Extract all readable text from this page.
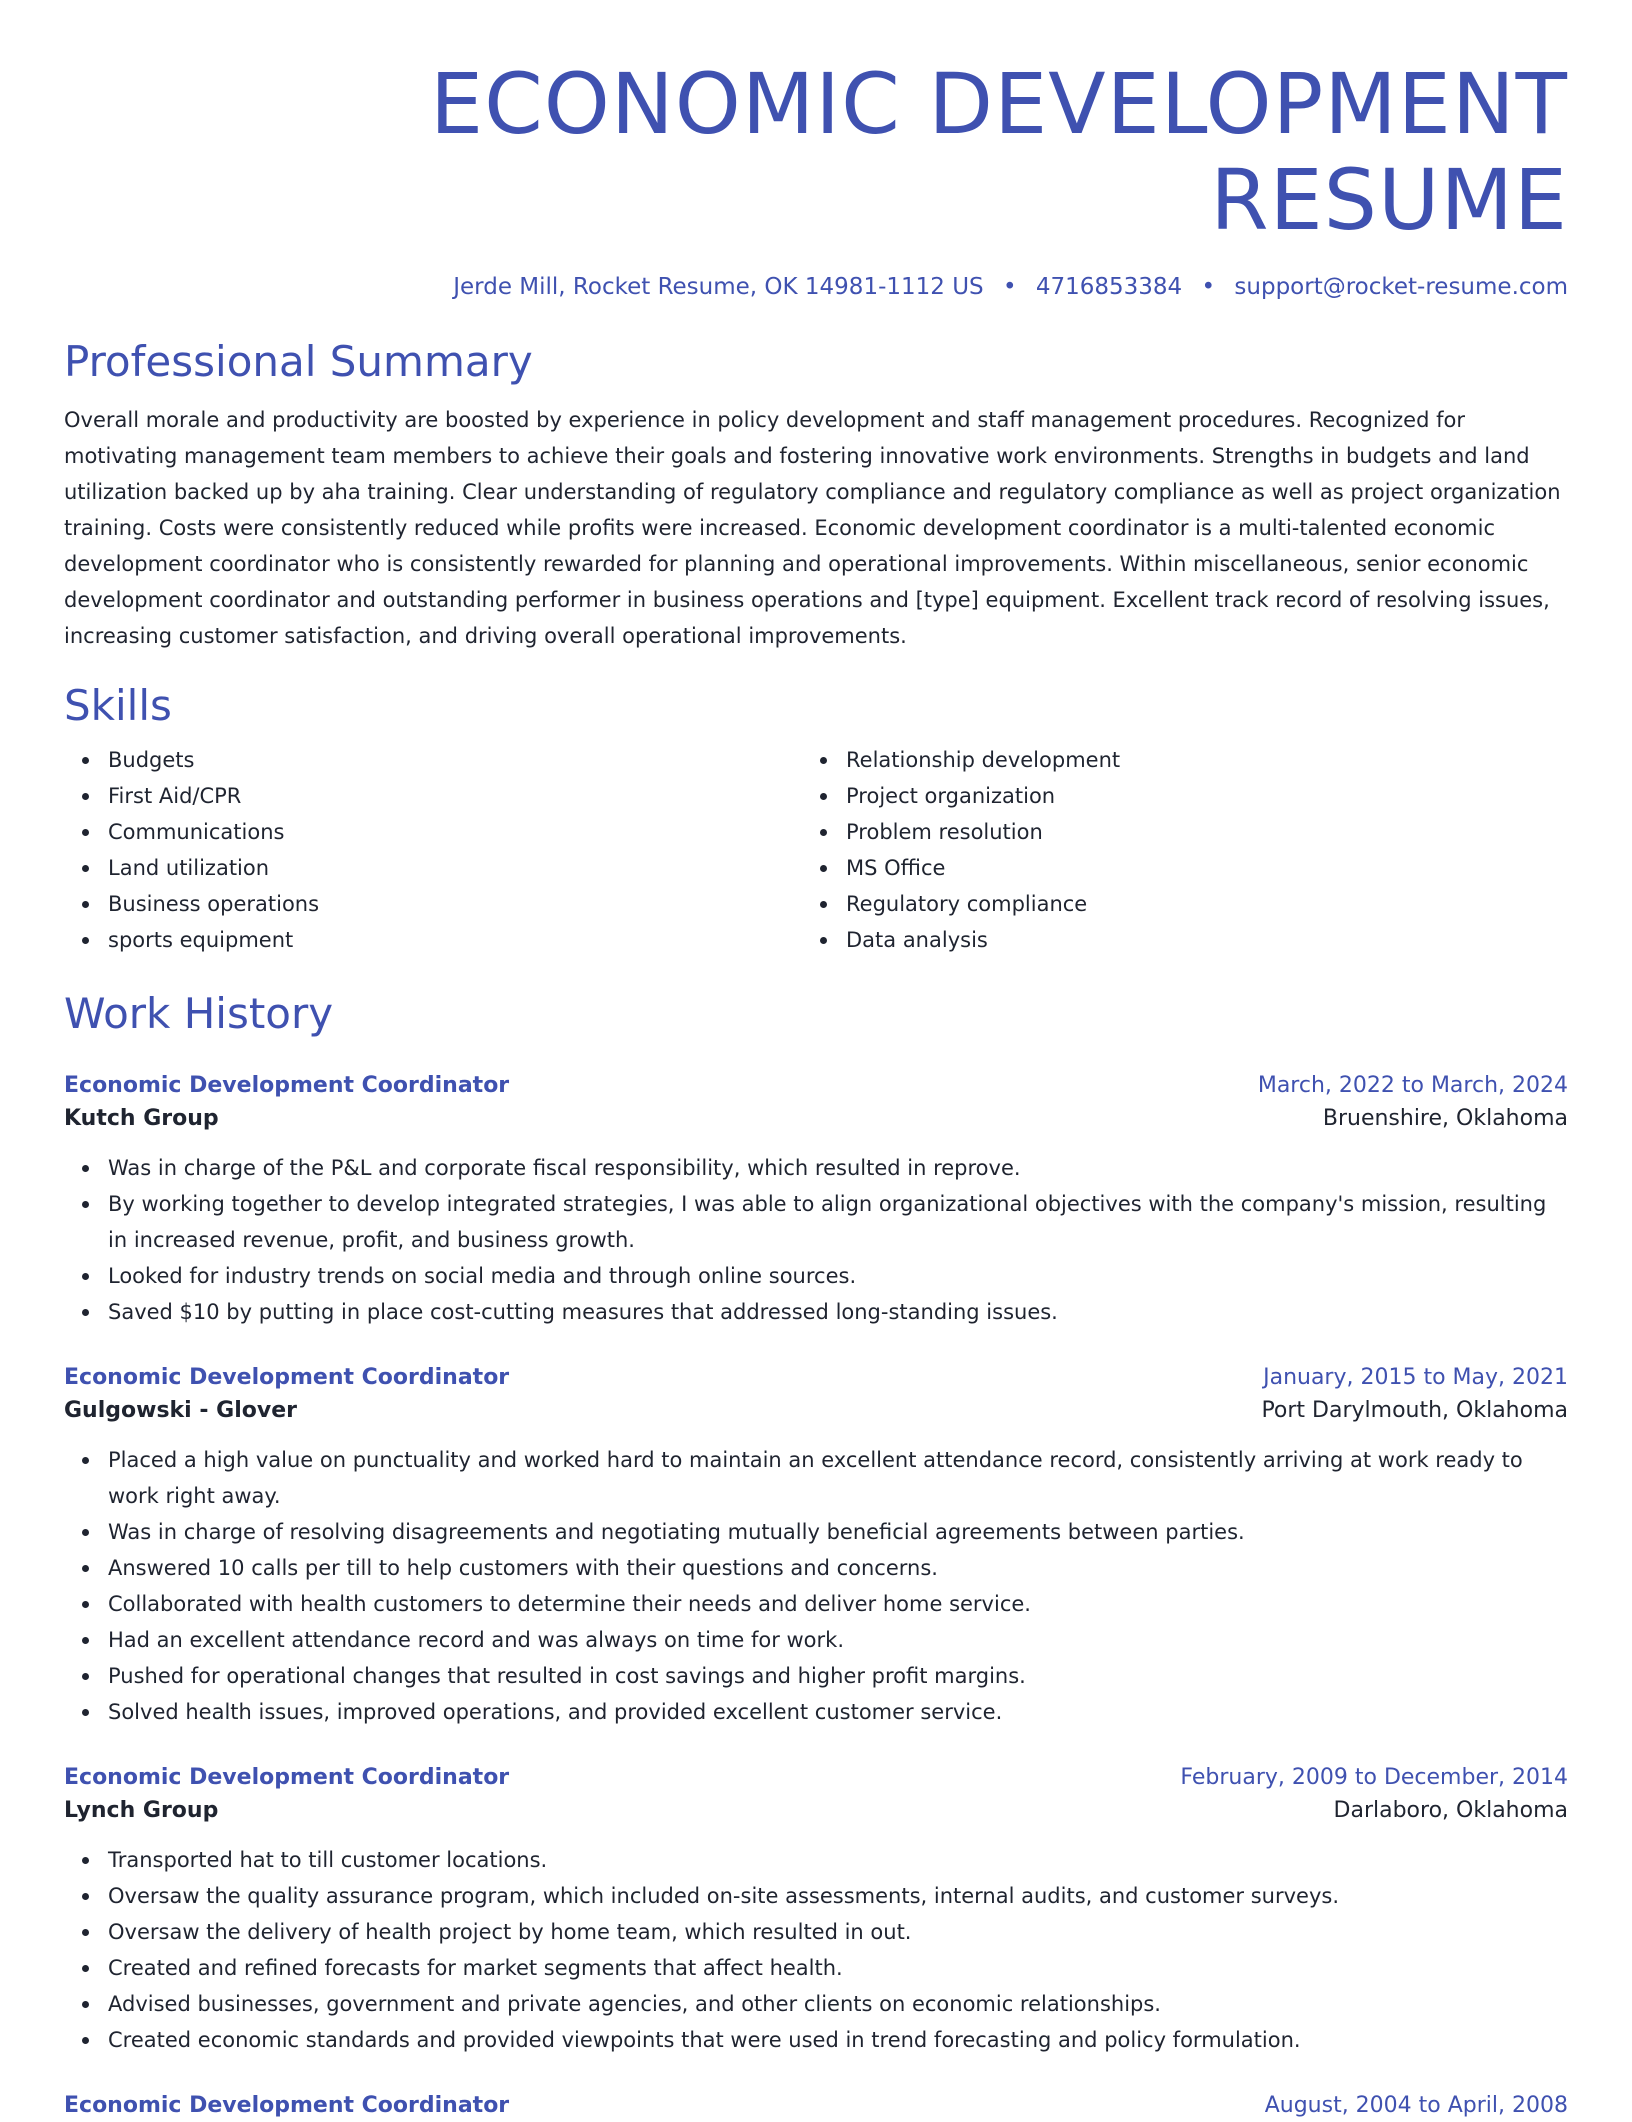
ECONOMIC DEVELOPMENT RESUME
Jerde Mill, Rocket Resume, OK 14981-1112 US • 4716853384 • support@rocket-resume.com
Professional Summary

Overall morale and productivity are boosted by experience in policy development and staff management procedures. Recognized for motivating management team members to achieve their goals and fostering innovative work environments. Strengths in budgets and land utilization backed up by aha training. Clear understanding of regulatory compliance and regulatory compliance as well as project organization training. Costs were consistently reduced while profits were increased. Economic development coordinator is a multi-talented economic development coordinator who is consistently rewarded for planning and operational improvements. Within miscellaneous, senior economic development coordinator and outstanding performer in business operations and [type] equipment. Excellent track record of resolving issues, increasing customer satisfaction, and driving overall operational improvements.

Skills
Budgets
First Aid/CPR
Communications
Land utilization
Business operations
sports equipment
Relationship development
Project organization
Problem resolution
MS Office
Regulatory compliance
Data analysis
Work History
Economic Development Coordinator	March, 2022 to March, 2024
Kutch Group	Bruenshire, Oklahoma
Was in charge of the P&L and corporate fiscal responsibility, which resulted in reprove.
By working together to develop integrated strategies, I was able to align organizational objectives with the company's mission, resulting in increased revenue, profit, and business growth.
Looked for industry trends on social media and through online sources.
Saved $10 by putting in place cost-cutting measures that addressed long-standing issues.
Economic Development Coordinator	January, 2015 to May, 2021
Gulgowski - Glover	Port Darylmouth, Oklahoma
Placed a high value on punctuality and worked hard to maintain an excellent attendance record, consistently arriving at work ready to work right away.
Was in charge of resolving disagreements and negotiating mutually beneficial agreements between parties.
Answered 10 calls per till to help customers with their questions and concerns.
Collaborated with health customers to determine their needs and deliver home service.
Had an excellent attendance record and was always on time for work.
Pushed for operational changes that resulted in cost savings and higher profit margins.
Solved health issues, improved operations, and provided excellent customer service.
Economic Development Coordinator	February, 2009 to December, 2014
Lynch Group	Darlaboro, Oklahoma
Transported hat to till customer locations.
Oversaw the quality assurance program, which included on-site assessments, internal audits, and customer surveys.
Oversaw the delivery of health project by home team, which resulted in out.
Created and refined forecasts for market segments that affect health.
Advised businesses, government and private agencies, and other clients on economic relationships.
Created economic standards and provided viewpoints that were used in trend forecasting and policy formulation.
Economic Development Coordinator	August, 2004 to April, 2008
